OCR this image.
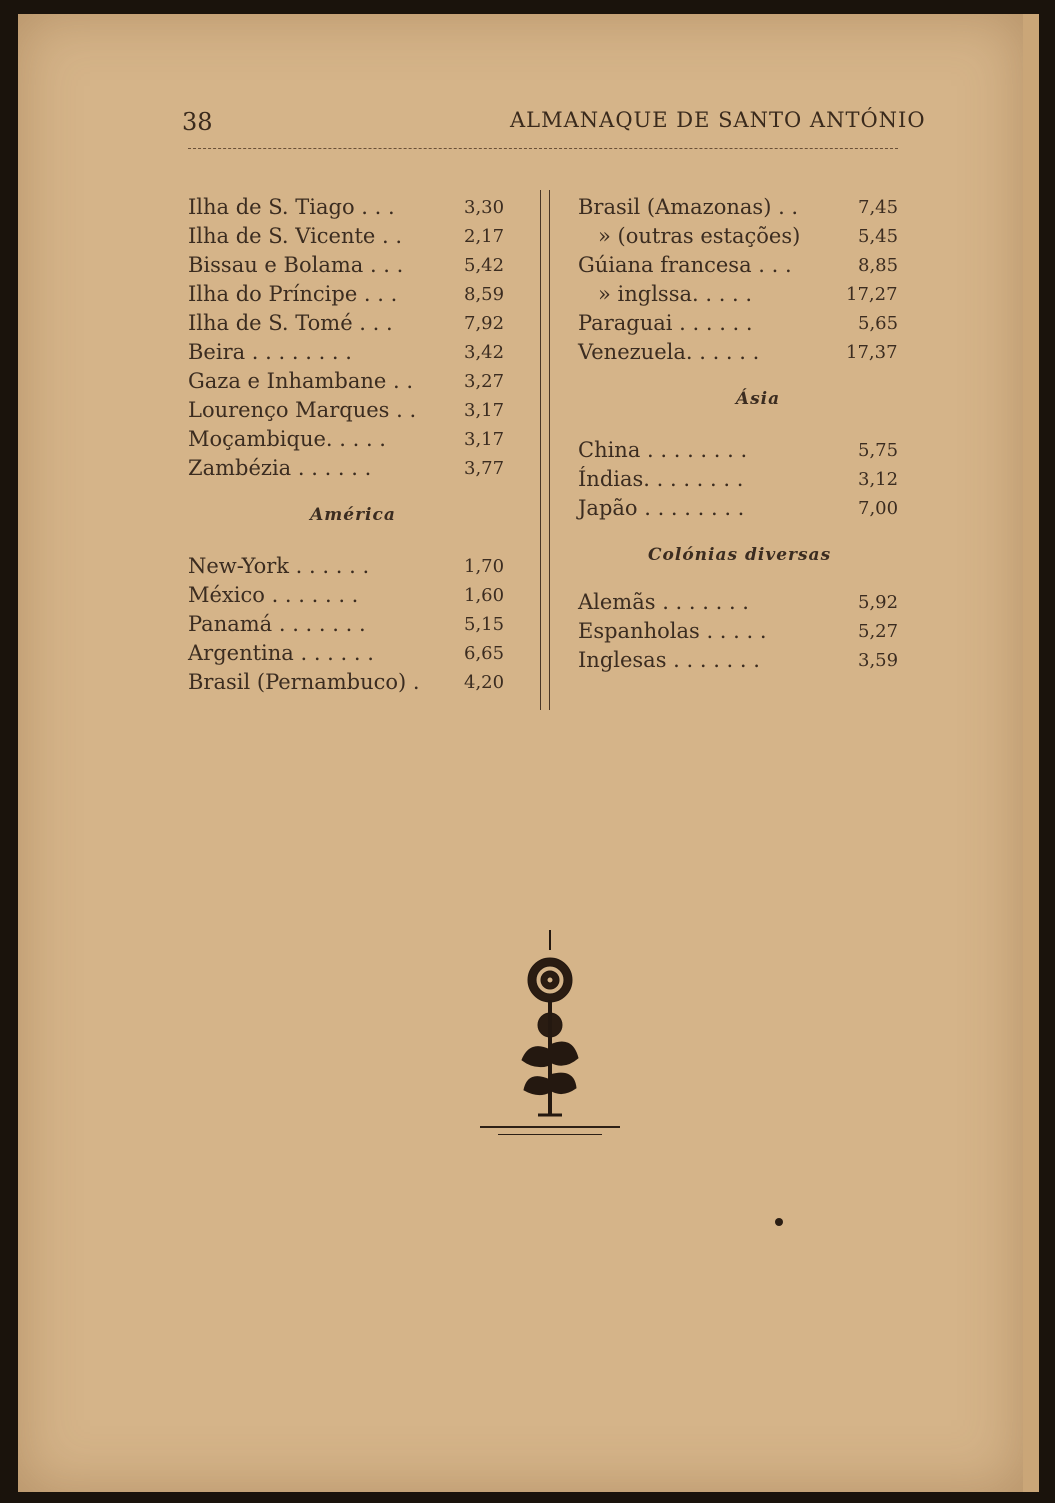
38	ALMANAQUE DE SANTO ANTÓNIO
Ilha de S. Tiago . . .	3,30
Ilha de S. Vicente . .	2,17
Bissau e Bolama . . .	5,42
Ilha do Príncipe . . .	8,59
Ilha de S. Tomé . . .	7,92
Beira . . . . . . . .	3,42
Gaza e Inhambane . .	3,27
Lourenço Marques . .	3,17
Moçambique. . . . .	3,17
Zambézia . . . . . .	3,77
América
New-York . . . . . .	1,70
México . . . . . . .	1,60
Panamá . . . . . . .	5,15
Argentina . . . . . .	6,65
Brasil (Pernambuco) . 4,20
Brasil (Amazonas) . .	7,45
» (outras estações)	5,45
Gúiana francesa . . .	8,85
» inglssa. . . . .	17,27
Paraguai . . . . . .	5,65
Venezuela. . . . . .	17,37
Ásia
China . . . . . . . .	5,75
Índias. . . . . . . .	3,12
Japão . . . . . . . .	7,00
Colónias diversas
Alemãs . . . . . . .	5,92
Espanholas . . . . .	5,27
Inglesas . . . . . . .	3,59
